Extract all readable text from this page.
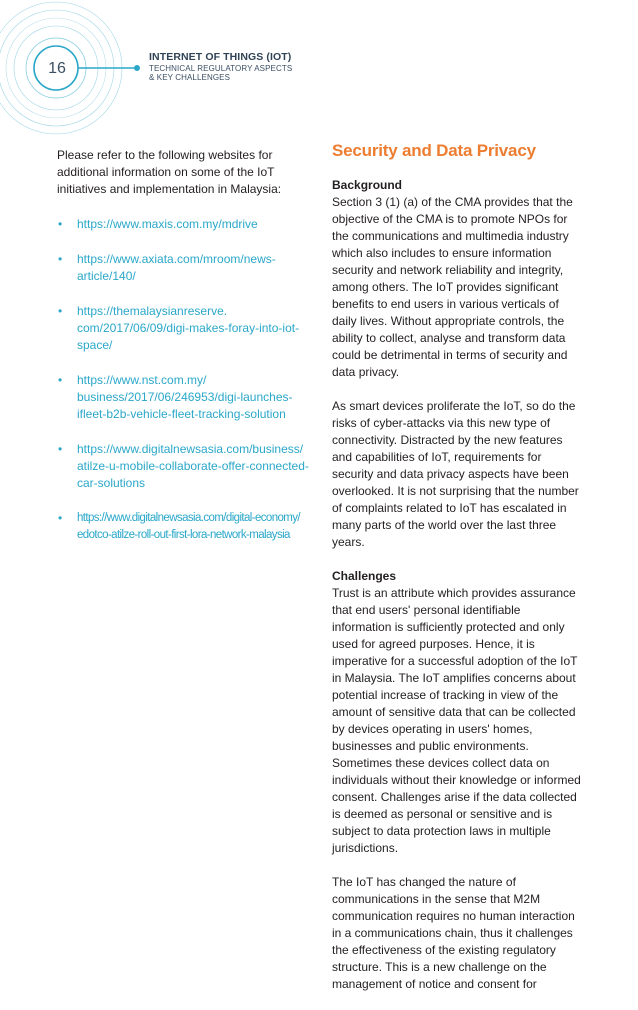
16
INTERNET OF THINGS (IOT)
TECHNICAL REGULATORY ASPECTS
& KEY CHALLENGES

Please refer to the following websites for additional information on some of the IoT initiatives and implementation in Malaysia:

• https://www.maxis.com.my/mdrive
• https://www.axiata.com/mroom/news-
article/140/
• https://themalaysianreserve.
com/2017/06/09/digi-makes-foray-into-iot-
space/
• https://www.nst.com.my/
business/2017/06/246953/digi-launches-
ifleet-b2b-vehicle-fleet-tracking-solution
• https://www.digitalnewsasia.com/business/
atilze-u-mobile-collaborate-offer-connected-
car-solutions
• https://www.digitalnewsasia.com/digital-economy/
edotco-atilze-roll-out-first-lora-network-malaysia
Security and Data Privacy
Background

Section 3 (1) (a) of the CMA provides that the objective of the CMA is to promote NPOs for the communications and multimedia industry which also includes to ensure information security and network reliability and integrity, among others. The IoT provides significant benefits to end users in various verticals of daily lives. Without appropriate controls, the ability to collect, analyse and transform data could be detrimental in terms of security and data privacy.

As smart devices proliferate the IoT, so do the risks of cyber-attacks via this new type of connectivity. Distracted by the new features and capabilities of IoT, requirements for security and data privacy aspects have been overlooked. It is not surprising that the number of complaints related to IoT has escalated in many parts of the world over the last three years.

Challenges

Trust is an attribute which provides assurance that end users' personal identifiable information is sufficiently protected and only used for agreed purposes. Hence, it is imperative for a successful adoption of the IoT in Malaysia. The IoT amplifies concerns about potential increase of tracking in view of the amount of sensitive data that can be collected by devices operating in users' homes, businesses and public environments. Sometimes these devices collect data on individuals without their knowledge or informed consent. Challenges arise if the data collected is deemed as personal or sensitive and is subject to data protection laws in multiple jurisdictions.

The IoT has changed the nature of communications in the sense that M2M communication requires no human interaction in a communications chain, thus it challenges the effectiveness of the existing regulatory structure. This is a new challenge on the management of notice and consent for
